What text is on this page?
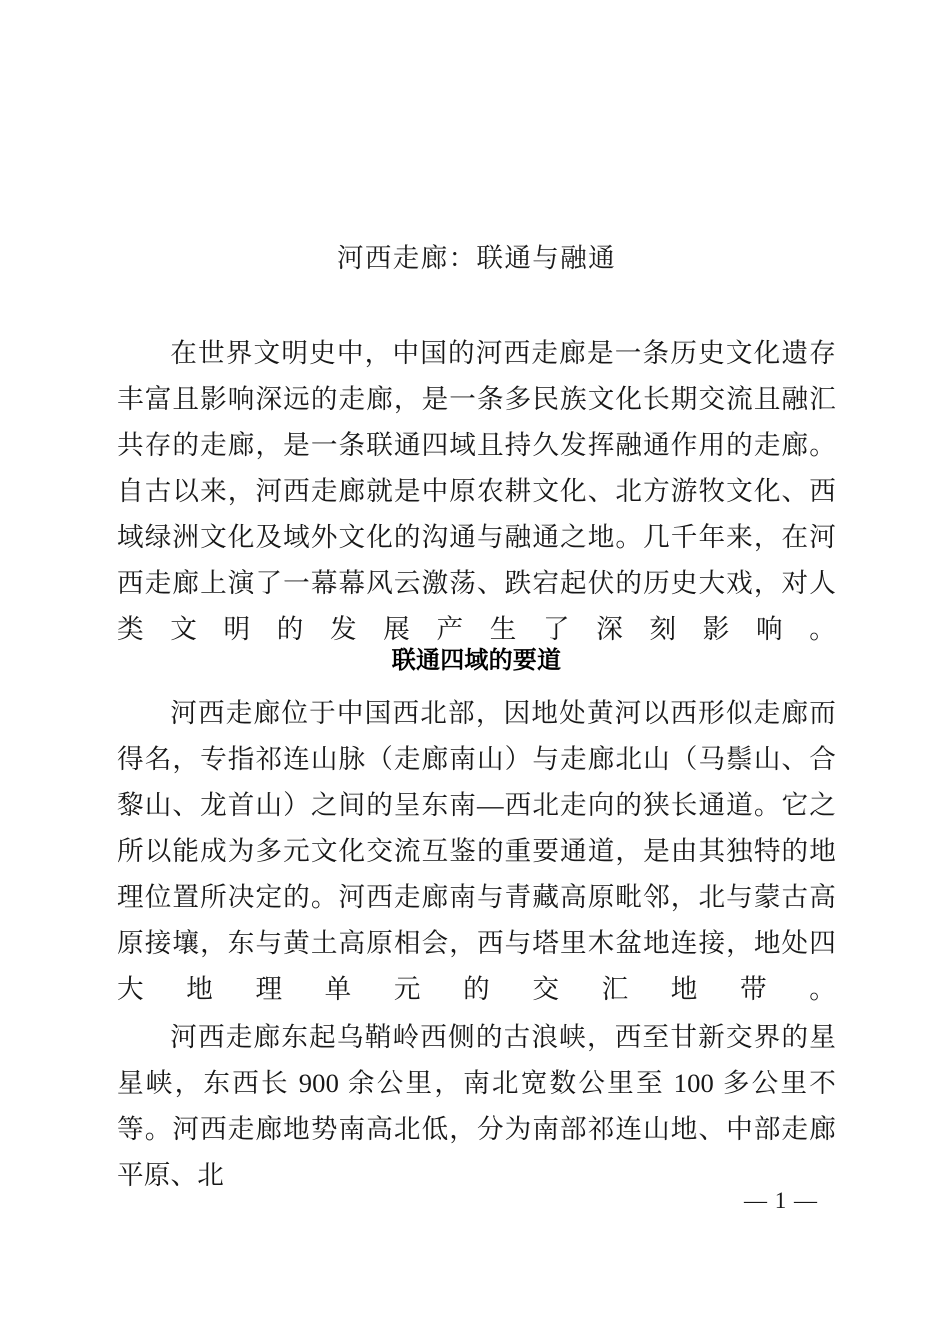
河西走廊：联通与融通
在世界文明史中，中国的河西走廊是一条历史文化遗存丰富且影响深远的走廊，是一条多民族文化长期交流且融汇共存的走廊，是一条联通四域且持久发挥融通作用的走廊。自古以来，河西走廊就是中原农耕文化、北方游牧文化、西域绿洲文化及域外文化的沟通与融通之地。几千年来，在河西走廊上演了一幕幕风云激荡、跌宕起伏的历史大戏，对人类文明的发展产生了深刻影响。
联通四域的要道
河西走廊位于中国西北部，因地处黄河以西形似走廊而得名，专指祁连山脉（走廊南山）与走廊北山（马鬃山、合黎山、龙首山）之间的呈东南—西北走向的狭长通道。它之所以能成为多元文化交流互鉴的重要通道，是由其独特的地理位置所决定的。河西走廊南与青藏高原毗邻，北与蒙古高原接壤，东与黄土高原相会，西与塔里木盆地连接，地处四大地理单元的交汇地带。
河西走廊东起乌鞘岭西侧的古浪峡，西至甘新交界的星星峡，东西长 900 余公里，南北宽数公里至 100 多公里不等。河西走廊地势南高北低，分为南部祁连山地、中部走廊平原、北
— 1 —
